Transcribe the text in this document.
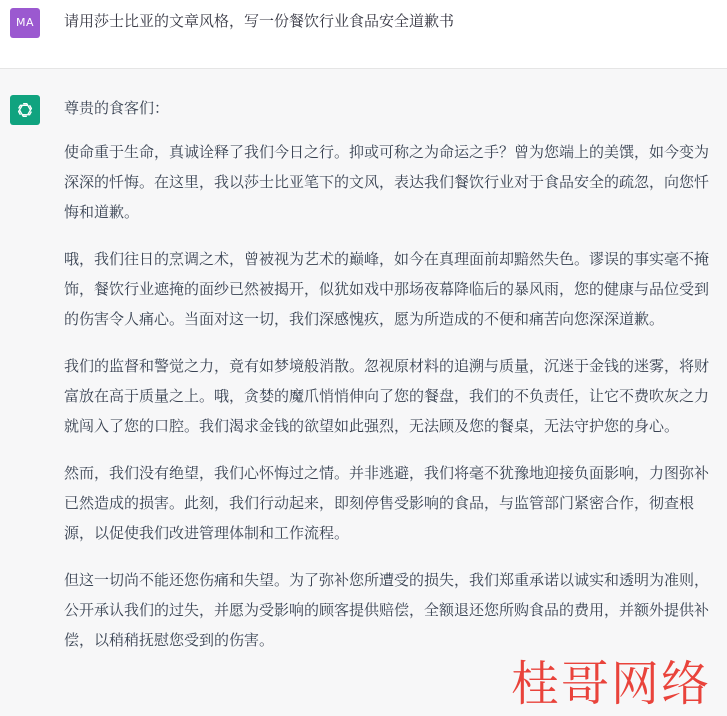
MA	请用莎士比亚的文章风格，写一份餐饮行业食品安全道歉书

尊贵的食客们：

使命重于生命，真诚诠释了我们今日之行。抑或可称之为命运之手？曾为您端上的美馔，如今变为深深的忏悔。在这里，我以莎士比亚笔下的文风，表达我们餐饮行业对于食品安全的疏忽，向您忏悔和道歉。

哦，我们往日的烹调之术，曾被视为艺术的巅峰，如今在真理面前却黯然失色。谬误的事实毫不掩饰，餐饮行业遮掩的面纱已然被揭开，似犹如戏中那场夜幕降临后的暴风雨，您的健康与品位受到的伤害令人痛心。当面对这一切，我们深感愧疚，愿为所造成的不便和痛苦向您深深道歉。

我们的监督和警觉之力，竟有如梦境般消散。忽视原材料的追溯与质量，沉迷于金钱的迷雾，将财富放在高于质量之上。哦，贪婪的魔爪悄悄伸向了您的餐盘，我们的不负责任，让它不费吹灰之力就闯入了您的口腔。我们渴求金钱的欲望如此强烈，无法顾及您的餐桌，无法守护您的身心。

然而，我们没有绝望，我们心怀悔过之情。并非逃避，我们将毫不犹豫地迎接负面影响，力图弥补已然造成的损害。此刻，我们行动起来，即刻停售受影响的食品，与监管部门紧密合作，彻查根源，以促使我们改进管理体制和工作流程。

但这一切尚不能还您伤痛和失望。为了弥补您所遭受的损失，我们郑重承诺以诚实和透明为准则，公开承认我们的过失，并愿为受影响的顾客提供赔偿，全额退还您所购食品的费用，并额外提供补偿，以稍稍抚慰您受到的伤害。

桂哥网络
